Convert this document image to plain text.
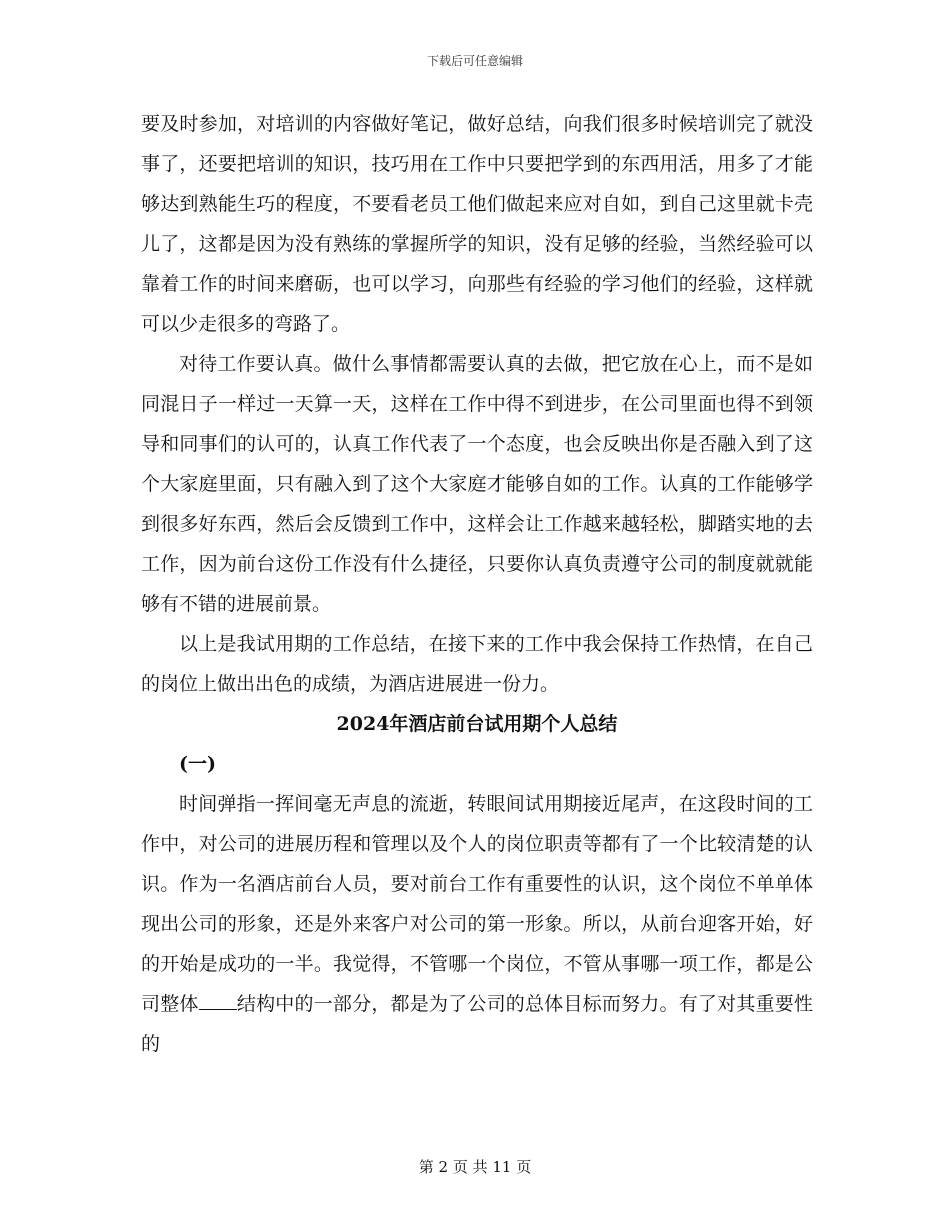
下载后可任意编辑

要及时参加，对培训的内容做好笔记，做好总结，向我们很多时候培训完了就没事了，还要把培训的知识，技巧用在工作中只要把学到的东西用活，用多了才能够达到熟能生巧的程度，不要看老员工他们做起来应对自如，到自己这里就卡壳儿了，这都是因为没有熟练的掌握所学的知识，没有足够的经验，当然经验可以靠着工作的时间来磨砺，也可以学习，向那些有经验的学习他们的经验，这样就可以少走很多的弯路了。

对待工作要认真。做什么事情都需要认真的去做，把它放在心上，而不是如同混日子一样过一天算一天，这样在工作中得不到进步，在公司里面也得不到领导和同事们的认可的，认真工作代表了一个态度，也会反映出你是否融入到了这个大家庭里面，只有融入到了这个大家庭才能够自如的工作。认真的工作能够学到很多好东西，然后会反馈到工作中，这样会让工作越来越轻松，脚踏实地的去工作，因为前台这份工作没有什么捷径，只要你认真负责遵守公司的制度就就能够有不错的进展前景。

以上是我试用期的工作总结，在接下来的工作中我会保持工作热情，在自己的岗位上做出出色的成绩，为酒店进展进一份力。

2024年酒店前台试用期个人总结

(一)

时间弹指一挥间毫无声息的流逝，转眼间试用期接近尾声，在这段时间的工作中，对公司的进展历程和管理以及个人的岗位职责等都有了一个比较清楚的认识。作为一名酒店前台人员，要对前台工作有重要性的认识，这个岗位不单单体现出公司的形象，还是外来客户对公司的第一形象。所以，从前台迎客开始，好的开始是成功的一半。我觉得，不管哪一个岗位，不管从事哪一项工作，都是公司整体 结构中的一部分，都是为了公司的总体目标而努力。有了对其重要性的

第 2 页 共 11 页
